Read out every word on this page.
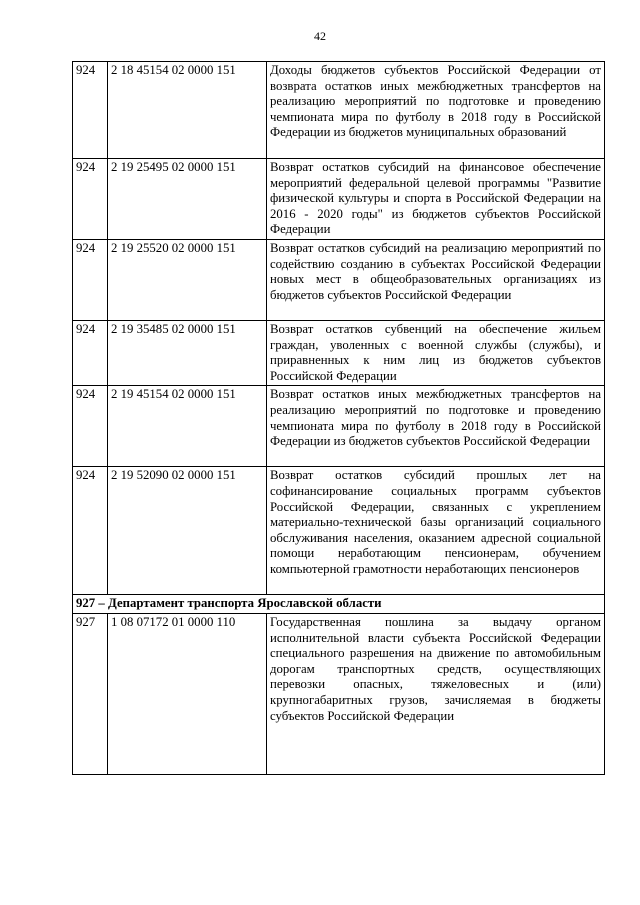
42
924	2 18 45154 02 0000 151	Доходы бюджетов субъектов Российской Федерации от возврата остатков иных межбюджетных трансфертов на реализацию мероприятий по подготовке и проведению чемпионата мира по футболу в 2018 году в Российской Федерации из бюджетов муниципальных образований
924	2 19 25495 02 0000 151	Возврат остатков субсидий на финансовое обеспечение мероприятий федеральной целевой программы "Развитие физической культуры и спорта в Российской Федерации на 2016 - 2020 годы" из бюджетов субъектов Российской Федерации
924	2 19 25520 02 0000 151	Возврат остатков субсидий на реализацию мероприятий по содействию созданию в субъектах Российской Федерации новых мест в общеобразовательных организациях из бюджетов субъектов Российской Федерации
924	2 19 35485 02 0000 151	Возврат остатков субвенций на обеспечение жильем граждан, уволенных с военной службы (службы), и приравненных к ним лиц из бюджетов субъектов Российской Федерации
924	2 19 45154 02 0000 151	Возврат остатков иных межбюджетных трансфертов на реализацию мероприятий по подготовке и проведению чемпионата мира по футболу в 2018 году в Российской Федерации из бюджетов субъектов Российской Федерации
924	2 19 52090 02 0000 151	Возврат остатков субсидий прошлых лет на софинансирование социальных программ субъектов Российской Федерации, связанных с укреплением материально-технической базы организаций социального обслуживания населения, оказанием адресной социальной помощи неработающим пенсионерам, обучением компьютерной грамотности неработающих пенсионеров
927 – Департамент транспорта Ярославской области		
927	1 08 07172 01 0000 110	Государственная пошлина за выдачу органом исполнительной власти субъекта Российской Федерации специального разрешения на движение по автомобильным дорогам транспортных средств, осуществляющих перевозки опасных, тяжеловесных и (или) крупногабаритных грузов, зачисляемая в бюджеты субъектов Российской Федерации
